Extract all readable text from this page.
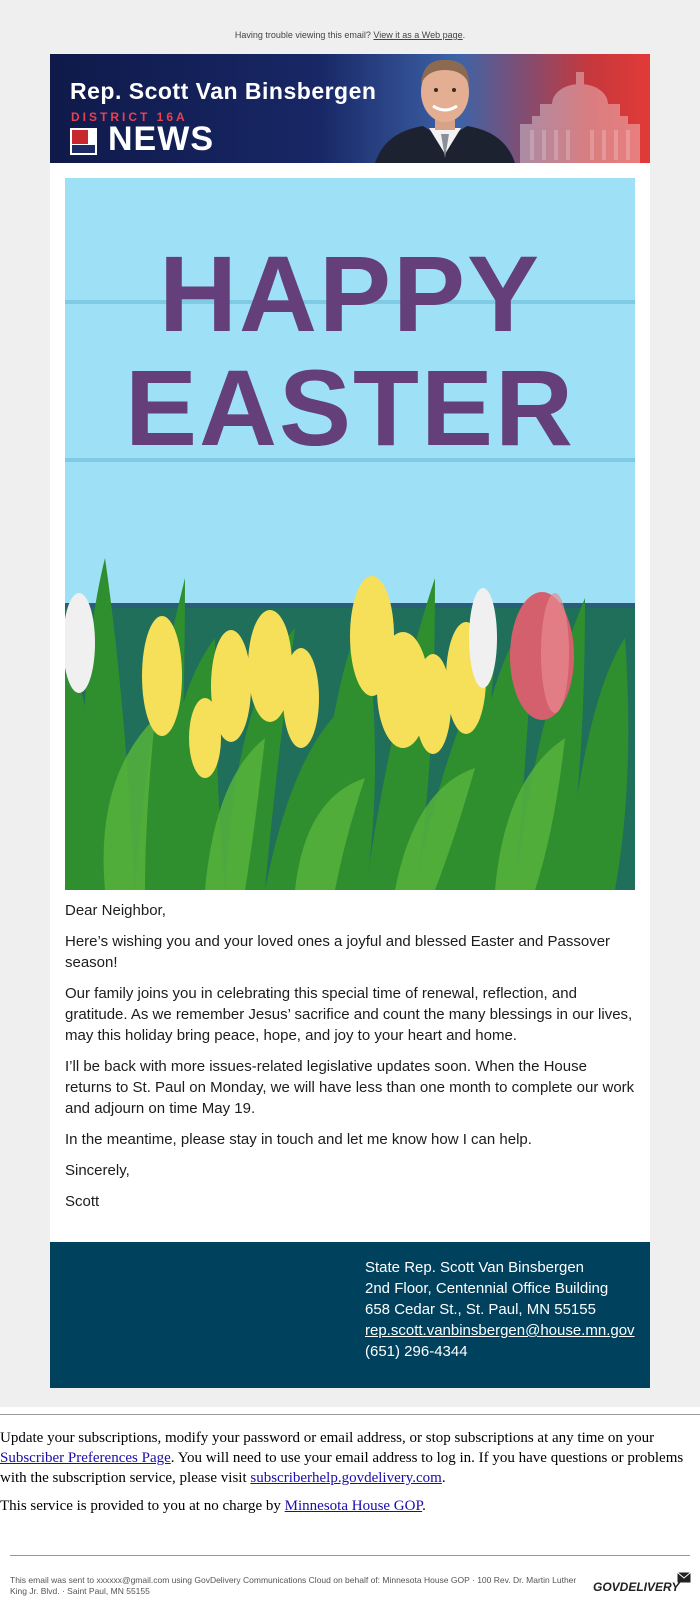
Having trouble viewing this email? View it as a Web page.
Rep. Scott Van Binsbergen
DISTRICT 16A
NEWS
HAPPY
EASTER

Dear Neighbor,

Here’s wishing you and your loved ones a joyful and blessed Easter and Passover season!

Our family joins you in celebrating this special time of renewal, reflection, and gratitude. As we remember Jesus’ sacrifice and count the many blessings in our lives, may this holiday bring peace, hope, and joy to your heart and home.

I’ll be back with more issues-related legislative updates soon. When the House returns to St. Paul on Monday, we will have less than one month to complete our work and adjourn on time May 19.

In the meantime, please stay in touch and let me know how I can help.

Sincerely,

Scott

State Rep. Scott Van Binsbergen
2nd Floor, Centennial Office Building
658 Cedar St., St. Paul, MN 55155
rep.scott.vanbinsbergen@house.mn.gov
(651) 296-4344
Update your subscriptions, modify your password or email address, or stop subscriptions at any time on your Subscriber Preferences Page. You will need to use your email address to log in. If you have questions or problems with the subscription service, please visit subscriberhelp.govdelivery.com.
This service is provided to you at no charge by Minnesota House GOP.
This email was sent to xxxxxx@gmail.com using GovDelivery Communications Cloud on behalf of: Minnesota House GOP · 100 Rev. Dr. Martin Luther King Jr. Blvd. · Saint Paul, MN 55155	GOVDELIVERY
